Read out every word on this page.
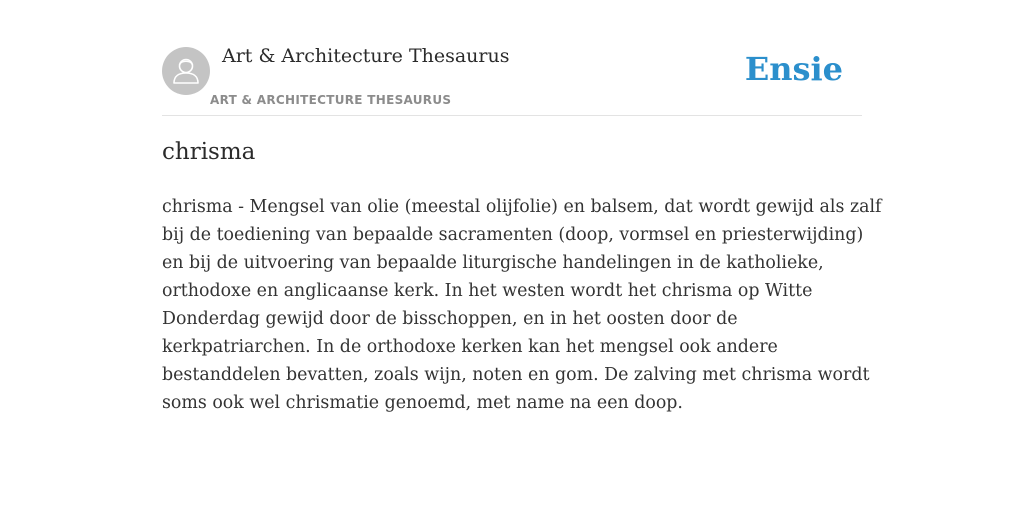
Art & Architecture Thesaurus
ART & ARCHITECTURE THESAURUS
Ensie
chrisma
chrisma - Mengsel van olie (meestal olijfolie) en balsem, dat wordt gewijd als zalf
bij de toediening van bepaalde sacramenten (doop, vormsel en priesterwijding)
en bij de uitvoering van bepaalde liturgische handelingen in de katholieke,
orthodoxe en anglicaanse kerk. In het westen wordt het chrisma op Witte
Donderdag gewijd door de bisschoppen, en in het oosten door de
kerkpatriarchen. In de orthodoxe kerken kan het mengsel ook andere
bestanddelen bevatten, zoals wijn, noten en gom. De zalving met chrisma wordt
soms ook wel chrismatie genoemd, met name na een doop.
